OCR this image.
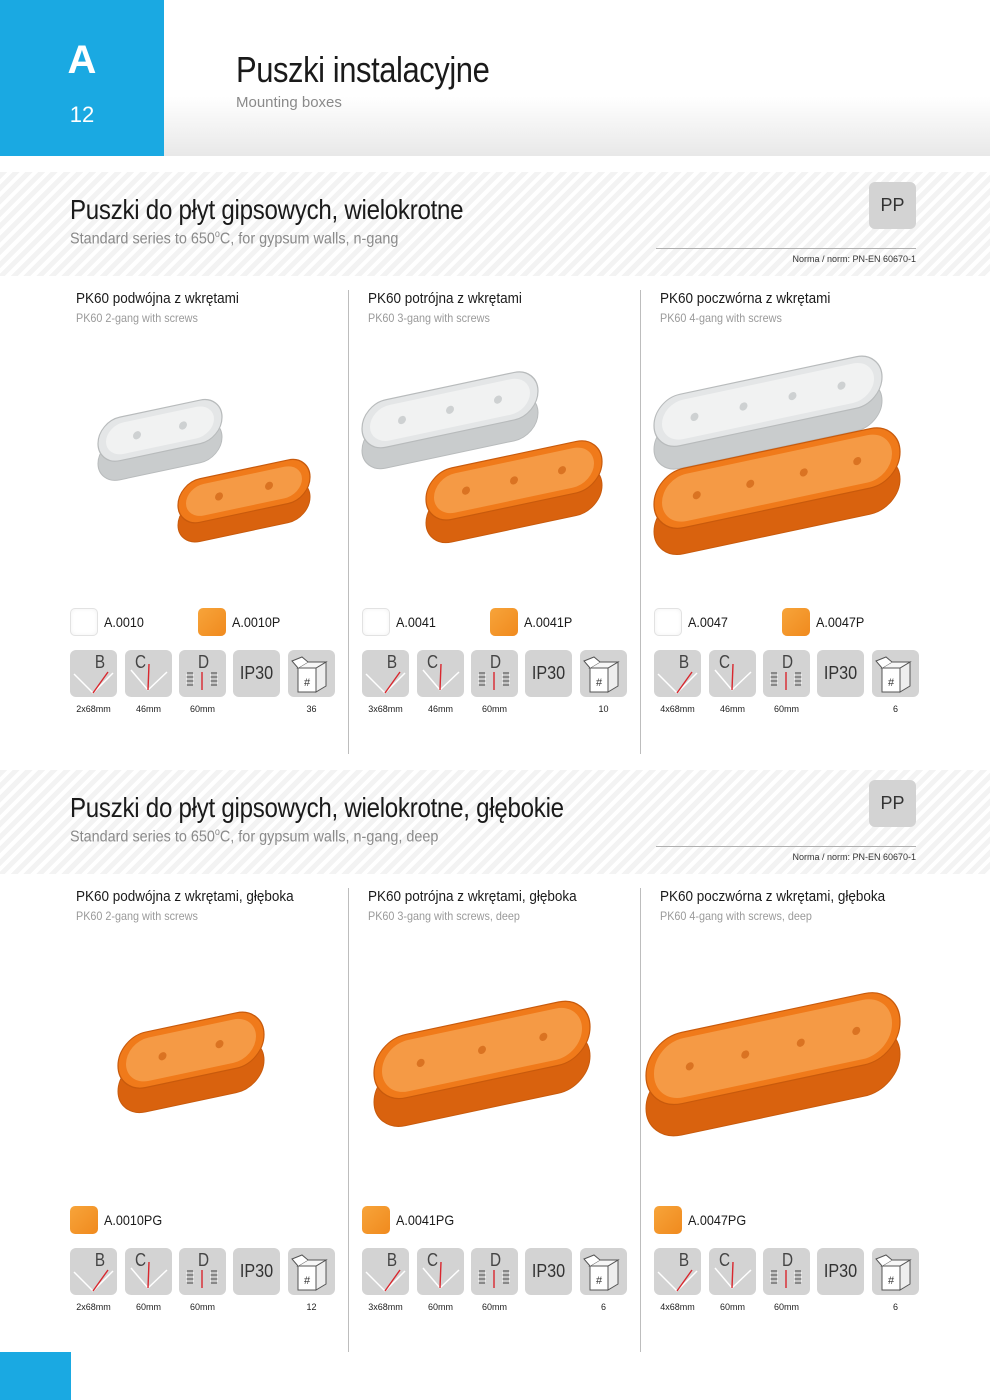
A
12
Puszki instalacyjne
Mounting boxes
Puszki do płyt gipsowych, wielokrotne
Standard series to 650$^o$C, for gypsum walls, n-gang
PP
Norma / norm: PN-EN 60670-1
PK60 podwójna z wkrętami
PK60 2-gang with screws
A.0010	A.0010P
B C	D
IP30	#
2x68mm	46mm	60mm	36
PK60 potrójna z wkrętami
PK60 3-gang with screws
A.0041	A.0041P
B C	D
IP30	#
3x68mm	46mm	60mm	10
PK60 poczwórna z wkrętami
PK60 4-gang with screws
A.0047	A.0047P
B C	D
IP30	#
4x68mm	46mm	60mm	6
Puszki do płyt gipsowych, wielokrotne, głębokie
Standard series to 650$^o$C, for gypsum walls, n-gang, deep
PP
Norma / norm: PN-EN 60670-1
PK60 podwójna z wkrętami, głęboka
PK60 2-gang with screws
A.0010PG
B C	D
IP30	#
2x68mm	60mm	60mm	12
PK60 potrójna z wkrętami, głęboka
PK60 3-gang with screws, deep
A.0041PG
B C	D
IP30	#
3x68mm	60mm	60mm	6
PK60 poczwórna z wkrętami, głęboka
PK60 4-gang with screws, deep
A.0047PG
B C	D
IP30	#
4x68mm	60mm	60mm	6
